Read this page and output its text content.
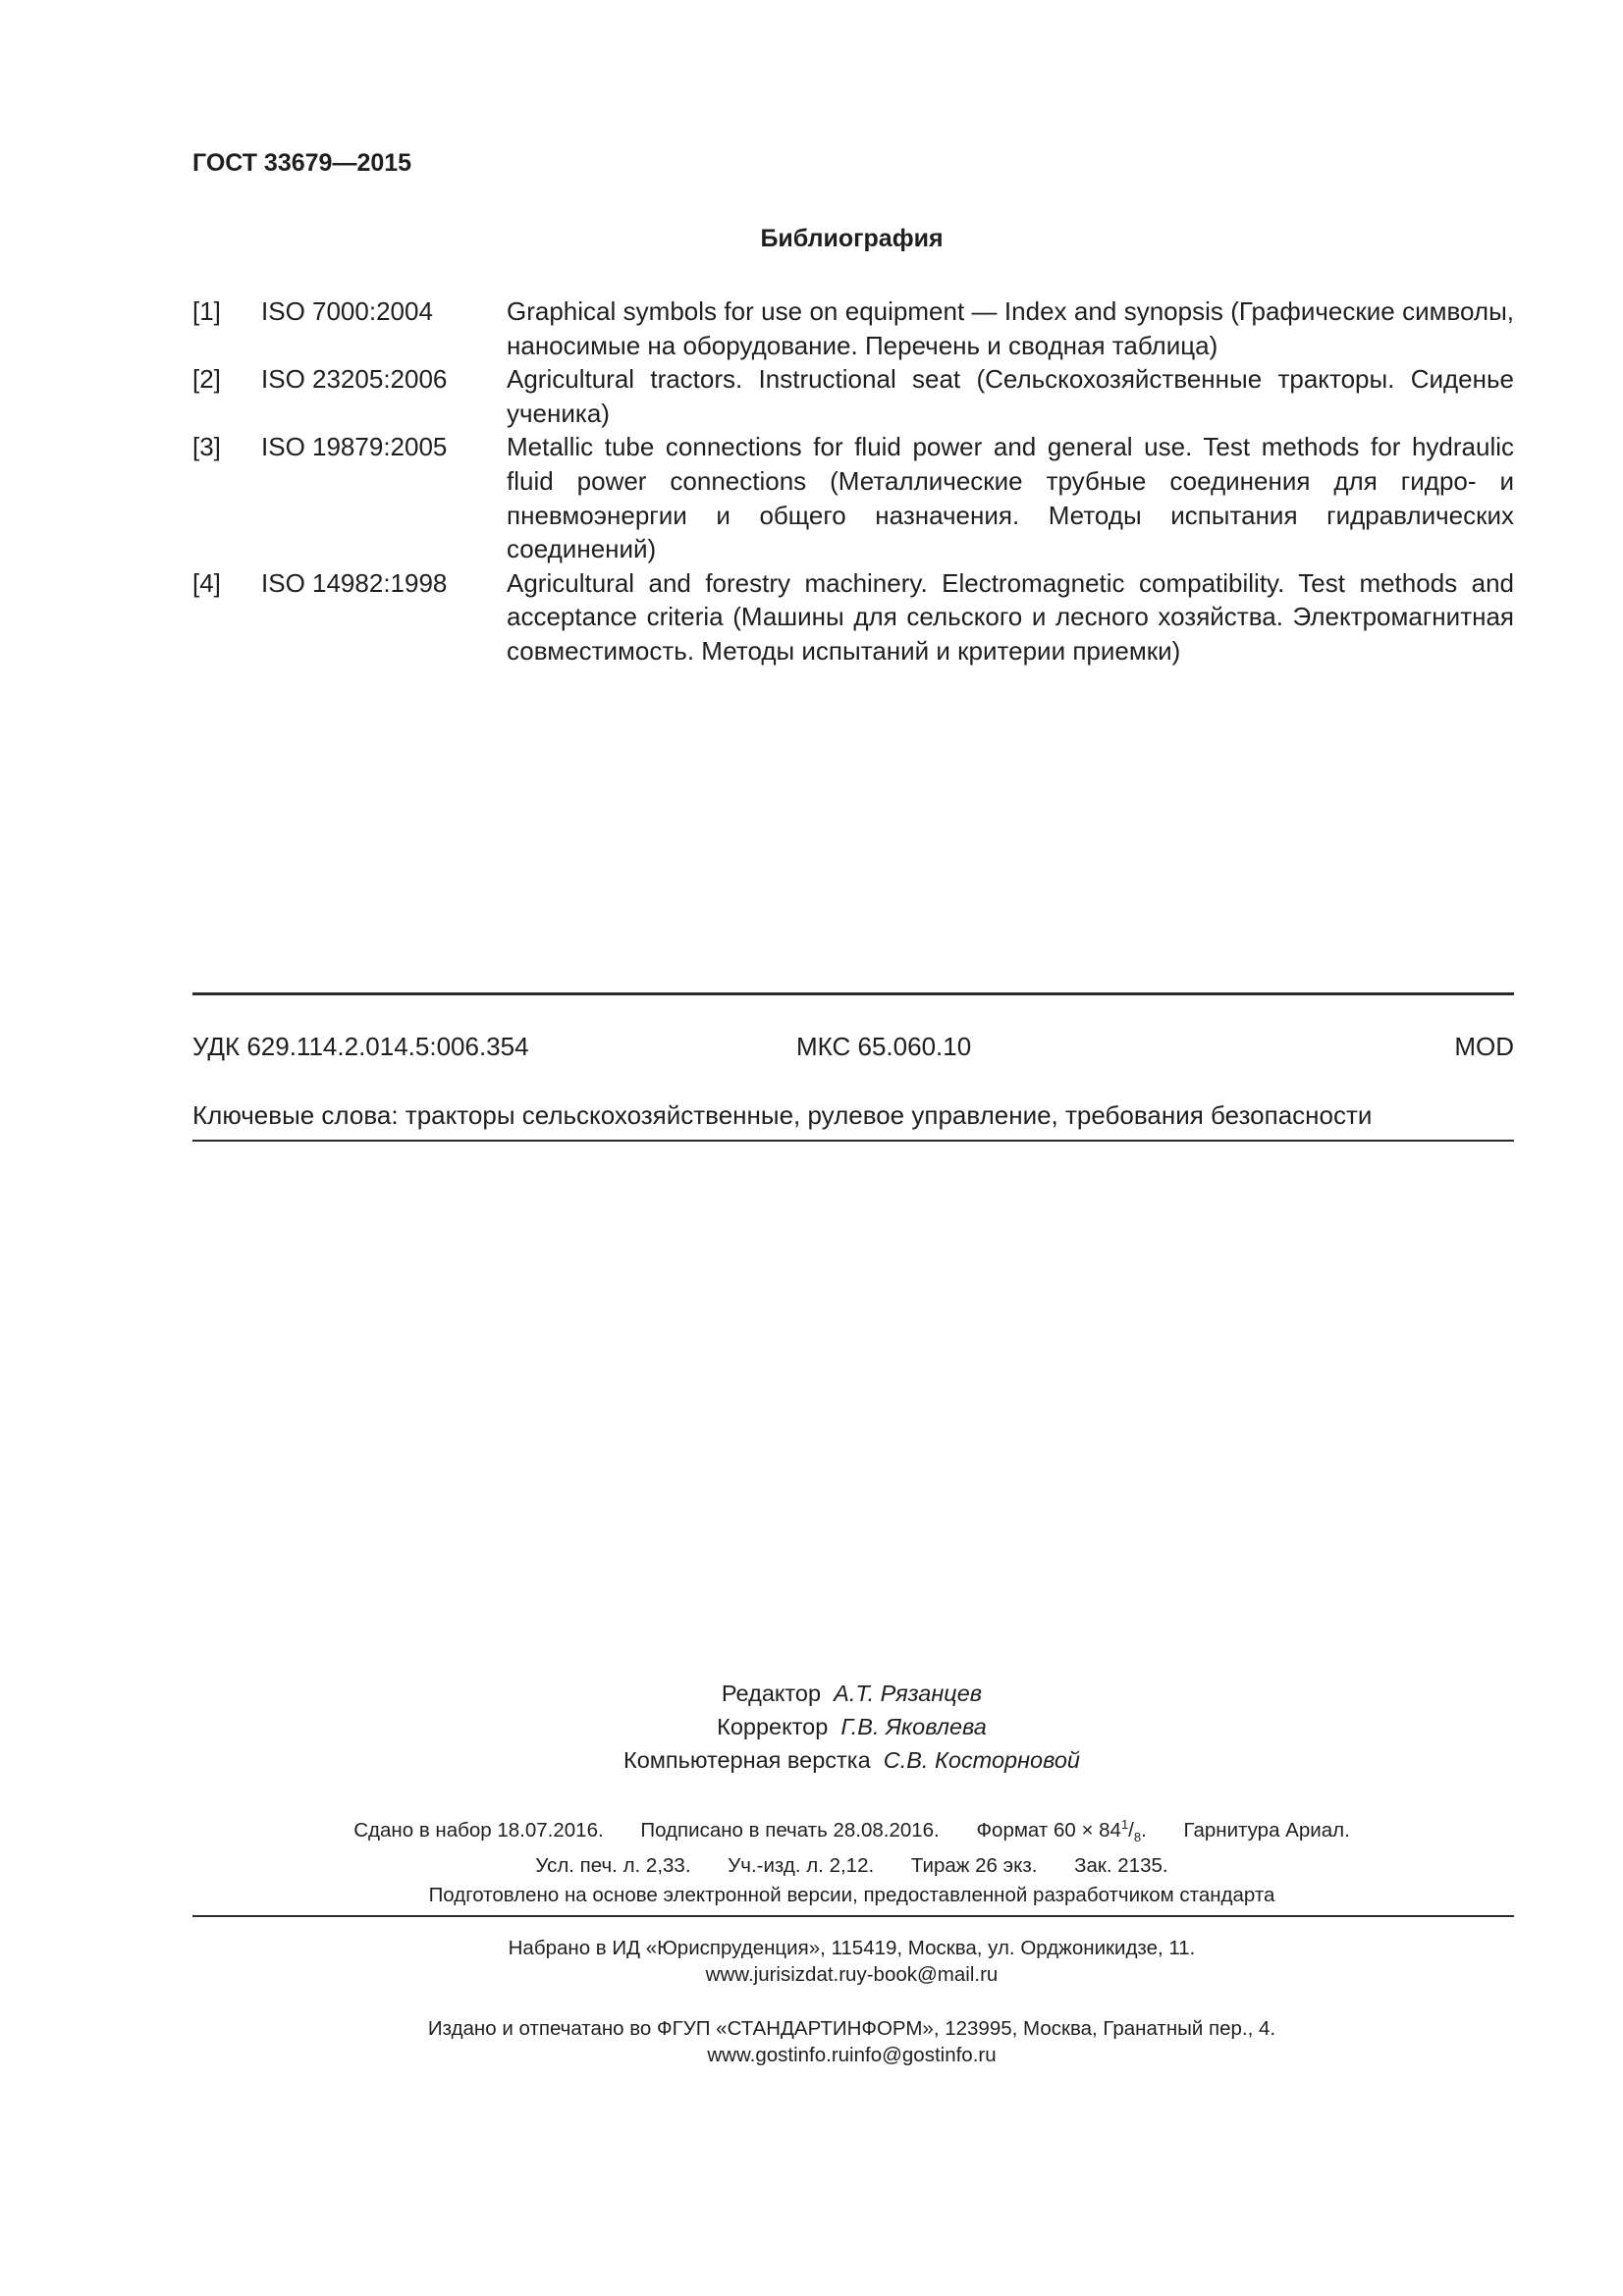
ГОСТ 33679—2015
Библиография
[1]	ISO 7000:2004	Graphical symbols for use on equipment — Index and synopsis (Графические символы, наносимые на оборудование. Перечень и сводная таблица)
[2]	ISO 23205:2006	Agricultural tractors. Instructional seat (Сельскохозяйственные тракторы. Сиденье ученика)
[3]	ISO 19879:2005	Metallic tube connections for fluid power and general use. Test methods for hydraulic fluid power connections (Металлические трубные соединения для гидро- и пневмоэнергии и общего назначения. Методы испытания гидравлических соединений)
[4]	ISO 14982:1998	Agricultural and forestry machinery. Electromagnetic compatibility. Test methods and acceptance criteria (Машины для сельского и лесного хозяйства. Электромагнитная совместимость. Методы испытаний и критерии приемки)
УДК 629.114.2.014.5:006.354	МКС 65.060.10	MOD
Ключевые слова: тракторы сельскохозяйственные, рулевое управление, требования безопасности
Редактор А.Т. Рязанцев
Корректор Г.В. Яковлева
Компьютерная верстка С.В. Косторновой
Сдано в набор 18.07.2016. Подписано в печать 28.08.2016. Формат $60 \times 84^1/_8$. Гарнитура Ариал.
Усл. печ. л. 2,33. Уч.-изд. л. 2,12. Тираж 26 экз. Зак. 2135.
Подготовлено на основе электронной версии, предоставленной разработчиком стандарта
Набрано в ИД «Юриспруденция», 115419, Москва, ул. Орджоникидзе, 11.
www.jurisizdat.ruy-book@mail.ru
Издано и отпечатано во ФГУП «СТАНДАРТИНФОРМ», 123995, Москва, Гранатный пер., 4.
www.gostinfo.ruinfo@gostinfo.ru
